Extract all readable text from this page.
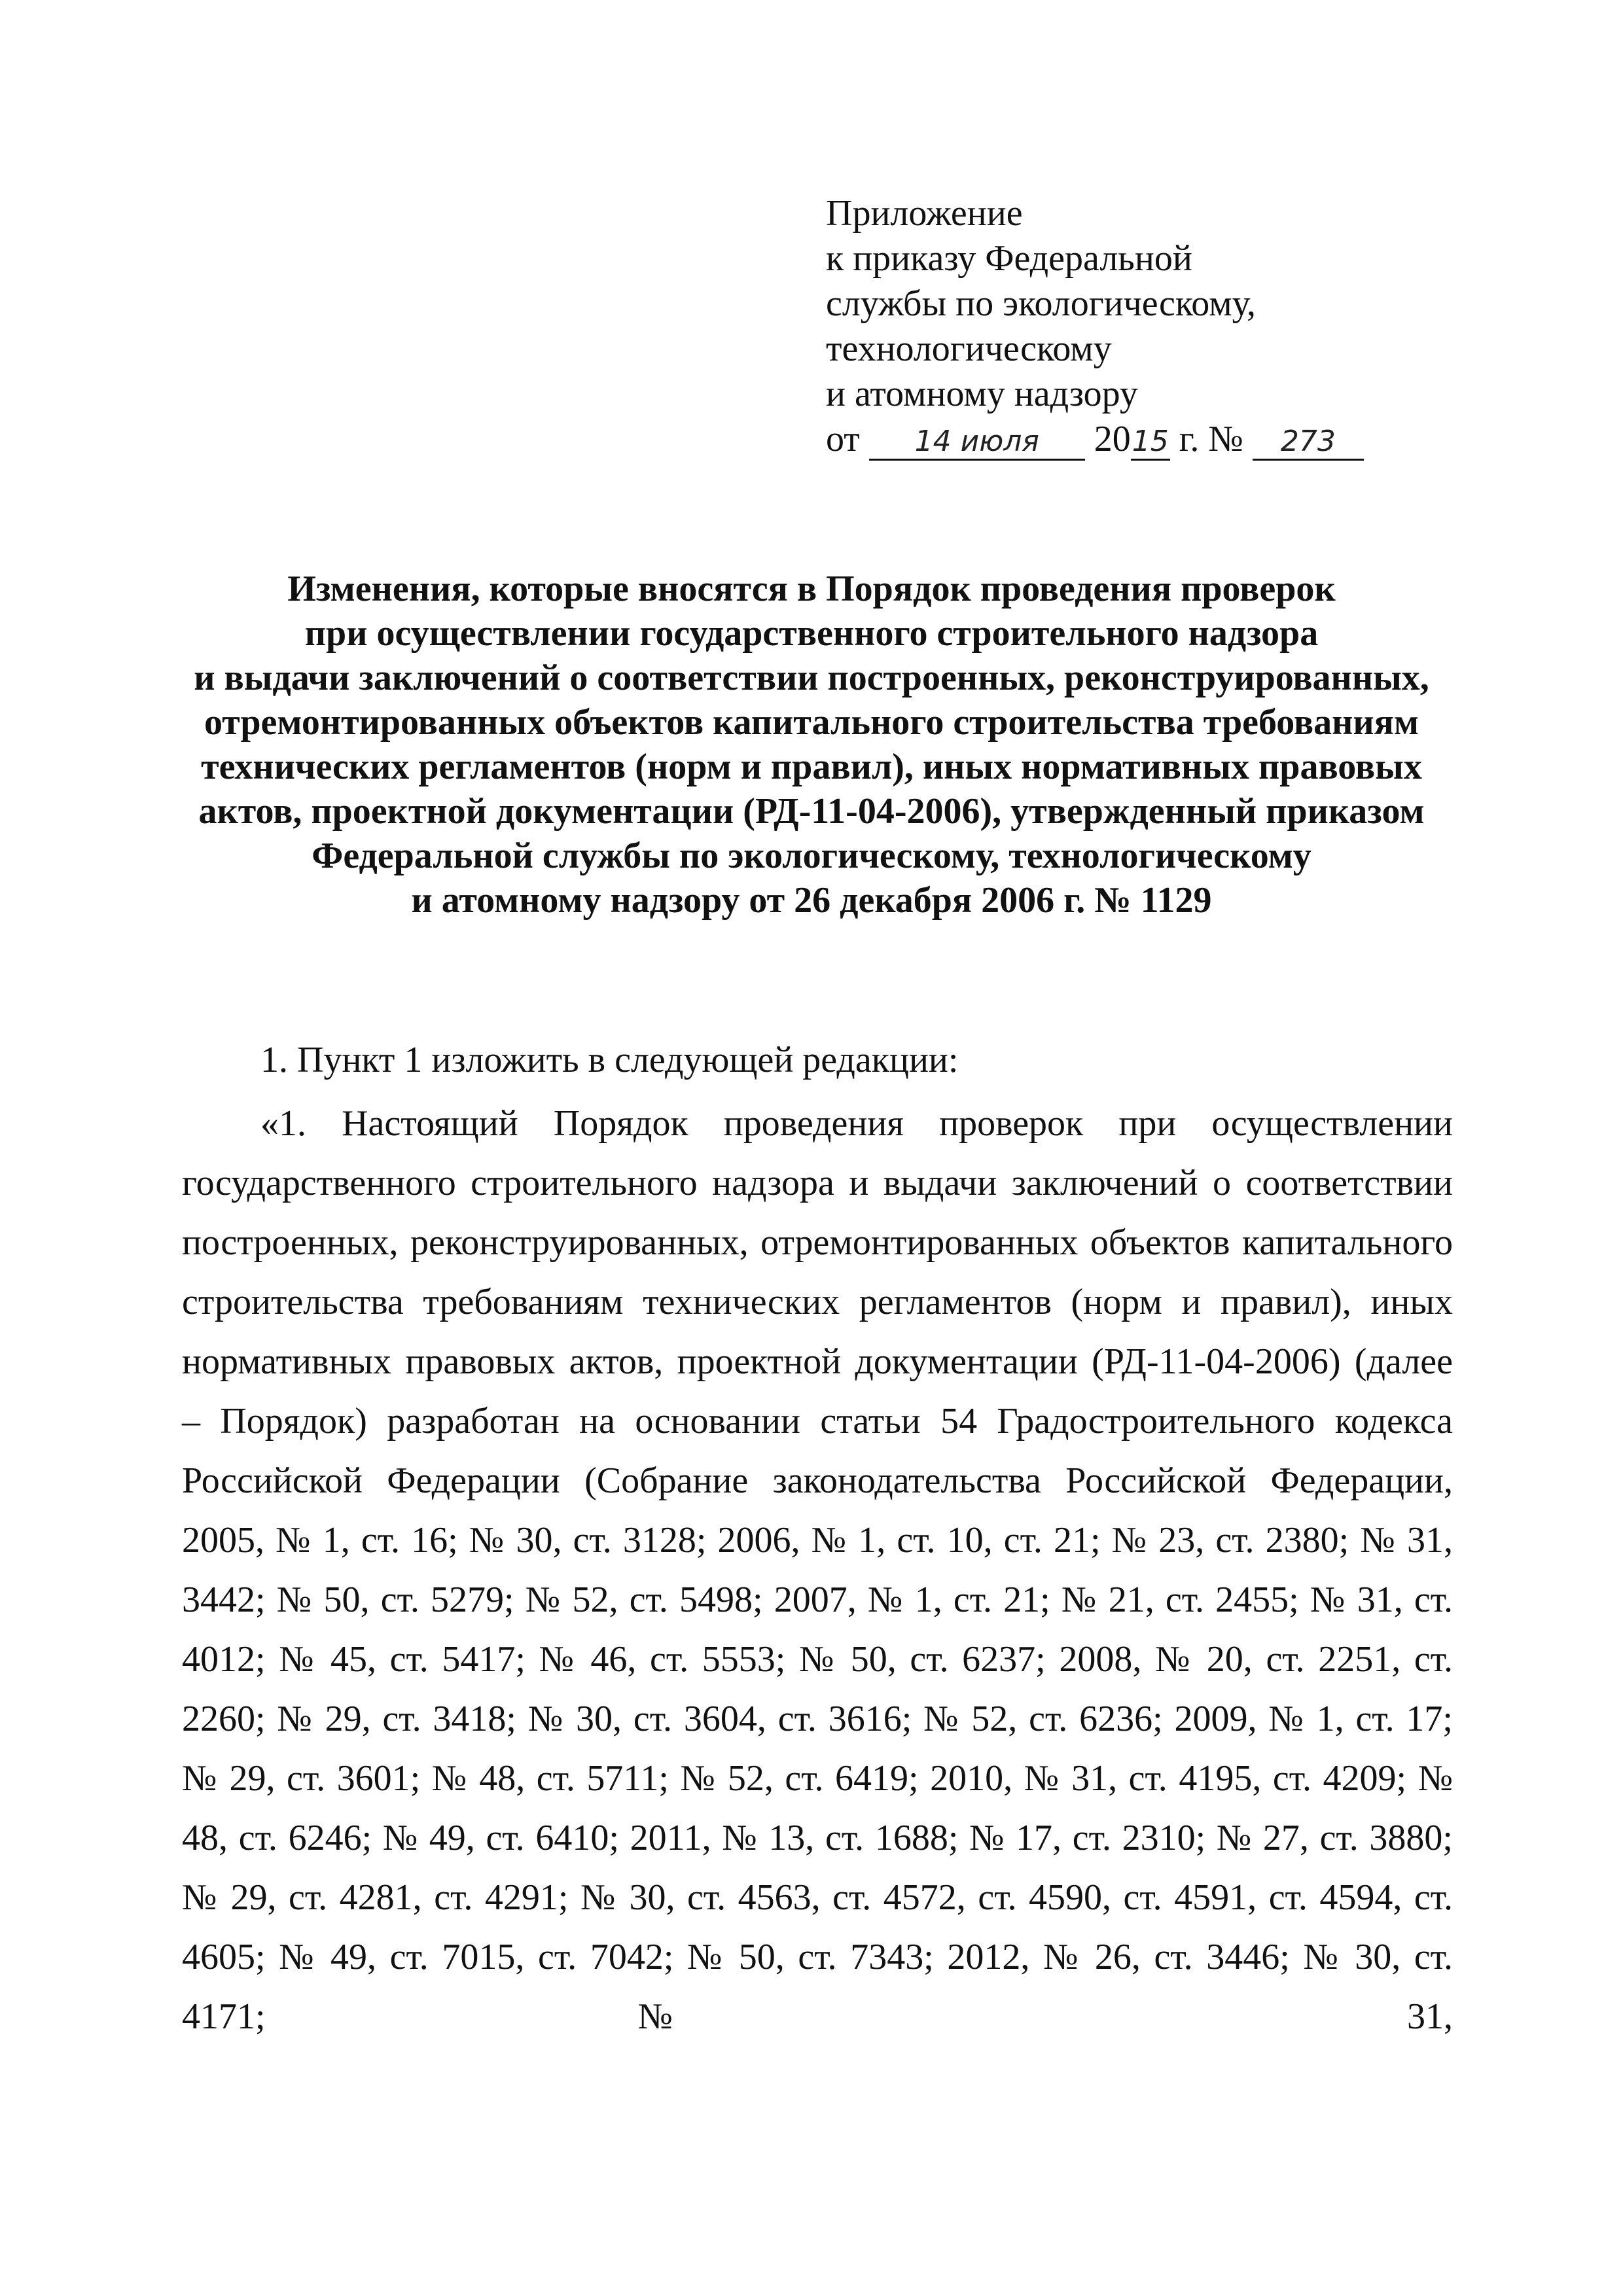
Приложение
к приказу Федеральной
службы по экологическому,
технологическому
и атомному надзору
от 14 июля 2015 г. № 273
Изменения, которые вносятся в Порядок проведения проверок
при осуществлении государственного строительного надзора
и выдачи заключений о соответствии построенных, реконструированных,
отремонтированных объектов капитального строительства требованиям
технических регламентов (норм и правил), иных нормативных правовых
актов, проектной документации (РД-11-04-2006), утвержденный приказом
Федеральной службы по экологическому, технологическому
и атомному надзору от 26 декабря 2006 г. № 1129

1. Пункт 1 изложить в следующей редакции:

«1. Настоящий Порядок проведения проверок при осуществлении государственного строительного надзора и выдачи заключений о соответствии построенных, реконструированных, отремонтированных объектов капитального строительства требованиям технических регламентов (норм и правил), иных нормативных правовых актов, проектной документации (РД-11-04-2006) (далее – Порядок) разработан на основании статьи 54 Градостроительного кодекса Российской Федерации (Собрание законодательства Российской Федерации, 2005, № 1, ст. 16; № 30, ст. 3128; 2006, № 1, ст. 10, ст. 21; № 23, ст. 2380; № 31, 3442; № 50, ст. 5279; № 52, ст. 5498; 2007, № 1, ст. 21; № 21, ст. 2455; № 31, ст. 4012; № 45, ст. 5417; № 46, ст. 5553; № 50, ст. 6237; 2008, № 20, ст. 2251, ст. 2260; № 29, ст. 3418; № 30, ст. 3604, ст. 3616; № 52, ст. 6236; 2009, № 1, ст. 17; № 29, ст. 3601; № 48, ст. 5711; № 52, ст. 6419; 2010, № 31, ст. 4195, ст. 4209; № 48, ст. 6246; № 49, ст. 6410; 2011, № 13, ст. 1688; № 17, ст. 2310; № 27, ст. 3880; № 29, ст. 4281, ст. 4291; № 30, ст. 4563, ст. 4572, ст. 4590, ст. 4591, ст. 4594, ст. 4605; № 49, ст. 7015, ст. 7042; № 50, ст. 7343; 2012, № 26, ст. 3446; № 30, ст. 4171; № 31,
